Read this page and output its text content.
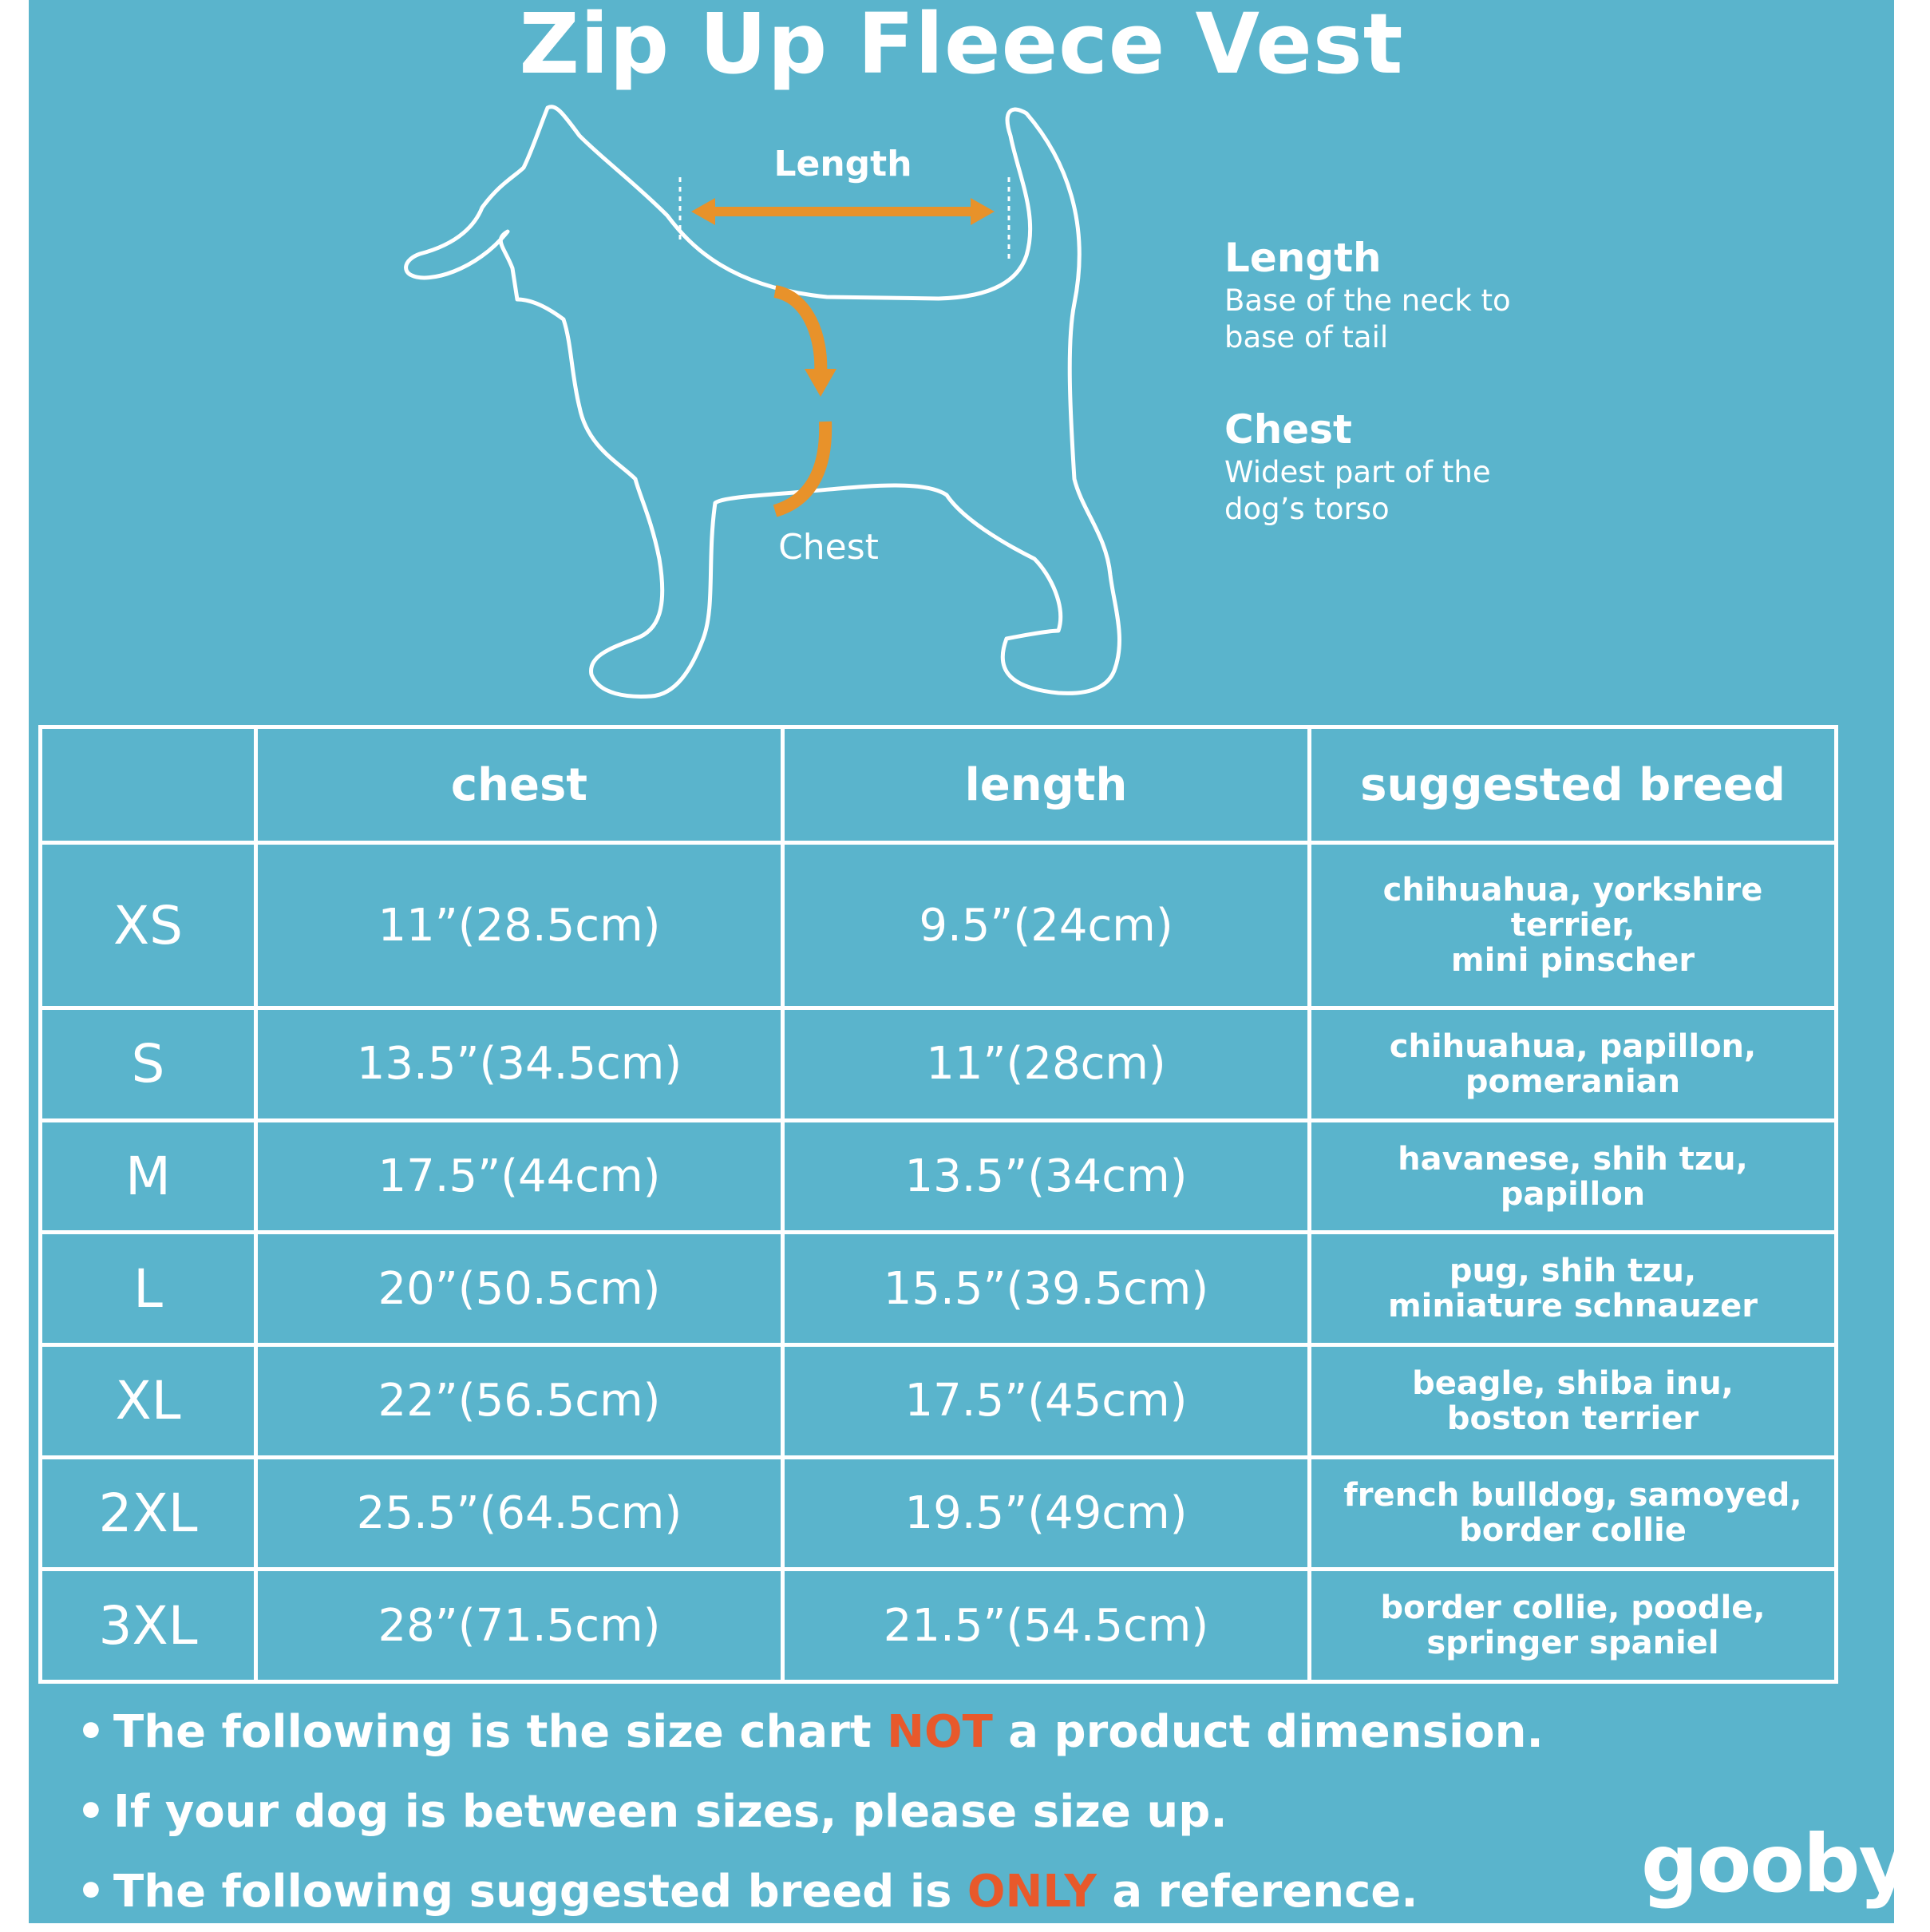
Zip Up Fleece Vest
Length
Chest
Length
Base of the neck to
base of tail
Chest
Widest part of the
dog’s torso
	chest	length	suggested breed
XS	11”(28.5cm)	9.5”(24cm)	chihuahua, yorkshire terrier,
mini pinscher

S	13.5”(34.5cm)	11”(28cm)	chihuahua, papillon,
pomeranian

M	17.5”(44cm)	13.5”(34cm)	havanese, shih tzu,
papillon

L	20”(50.5cm)	15.5”(39.5cm)	pug, shih tzu,
miniature schnauzer

XL	22”(56.5cm)	17.5”(45cm)	beagle, shiba inu,
boston terrier

2XL	25.5”(64.5cm)	19.5”(49cm)	french bulldog, samoyed,
border collie

3XL	28”(71.5cm)	21.5”(54.5cm)	border collie, poodle,
springer spaniel
• The following is the size chart NOT a product dimension.
• If your dog is between sizes, please size up.
• The following suggested breed is ONLY a reference.	gooby ®
